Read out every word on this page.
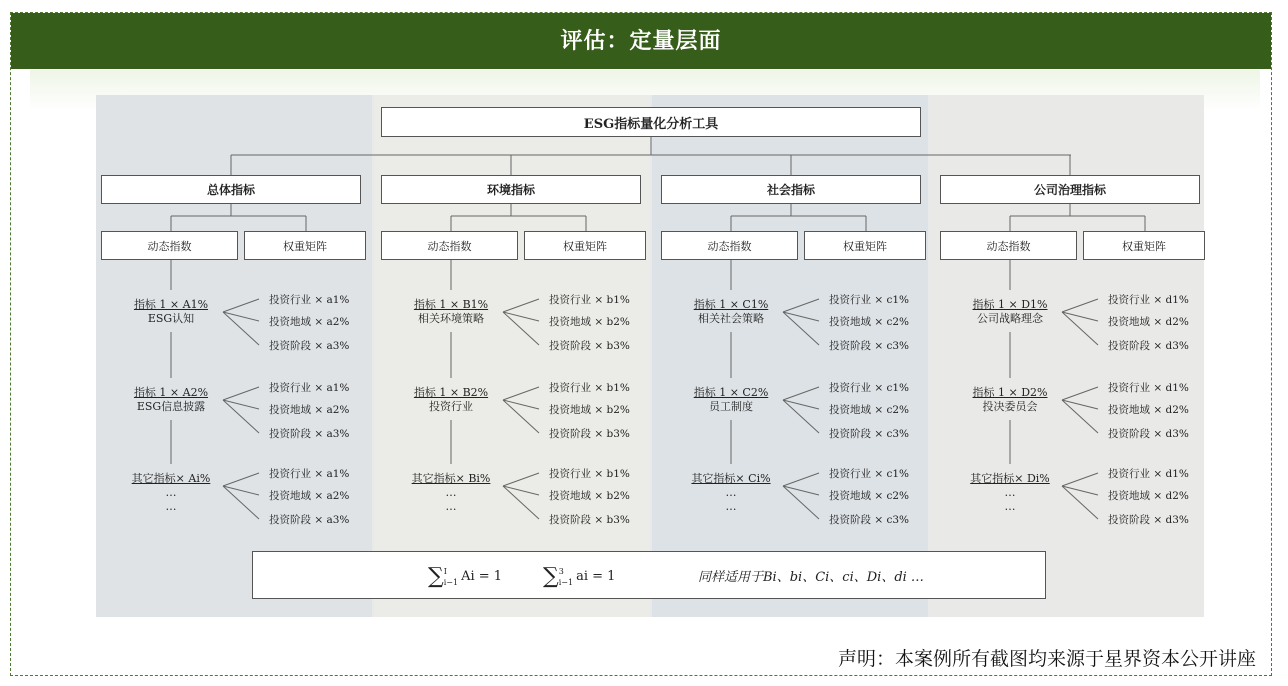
评估：定量层面
ESG指标量化分析工具
总体指标
动态指数	权重矩阵
指标 1 × A1%
ESG认知
投资行业 × a1%
投资地域 × a2%
投资阶段 × a3%
指标 1 × A2%
ESG信息披露
投资行业 × a1%
投资地域 × a2%
投资阶段 × a3%
其它指标× Ai%
…
…
投资行业 × a1%
投资地域 × a2%
投资阶段 × a3%
环境指标
动态指数	权重矩阵
指标 1 × B1%
相关环境策略
投资行业 × b1%
投资地域 × b2%
投资阶段 × b3%
指标 1 × B2%
投资行业
投资行业 × b1%
投资地域 × b2%
投资阶段 × b3%
其它指标× Bi%
…
…
投资行业 × b1%
投资地域 × b2%
投资阶段 × b3%
社会指标
动态指数	权重矩阵
指标 1 × C1%
相关社会策略
投资行业 × c1%
投资地域 × c2%
投资阶段 × c3%
指标 1 × C2%
员工制度
投资行业 × c1%
投资地域 × c2%
投资阶段 × c3%
其它指标× Ci%
…
…
投资行业 × c1%
投资地域 × c2%
投资阶段 × c3%
公司治理指标
动态指数	权重矩阵
指标 1 × D1%
公司战略理念
投资行业 × d1%
投资地域 × d2%
投资阶段 × d3%
指标 1 × D2%
投决委员会
投资行业 × d1%
投资地域 × d2%
投资阶段 × d3%
其它指标× Di%
…
…
投资行业 × d1%
投资地域 × d2%
投资阶段 × d3%
∑I
i−1 Ai = 1 ∑3
i−1 ai = 1	同样适用于Bi、bi、Ci、ci、Di、di …
声明：本案例所有截图均来源于星界资本公开讲座
